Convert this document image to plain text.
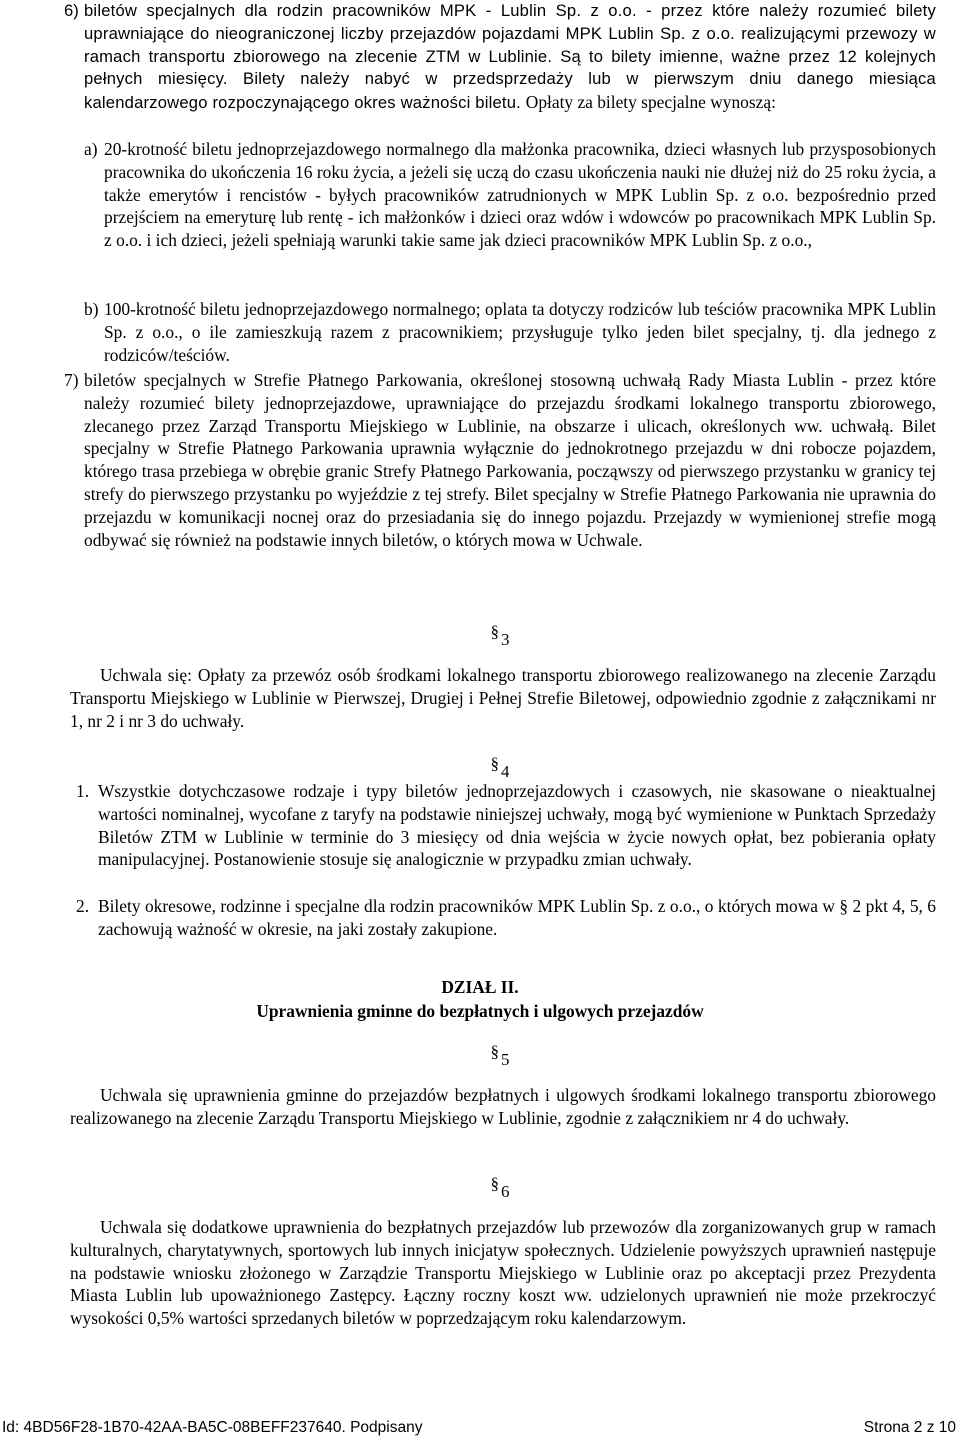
6) biletów specjalnych dla rodzin pracowników MPK - Lublin Sp. z o.o. - przez które należy rozumieć bilety uprawniające do nieograniczonej liczby przejazdów pojazdami MPK Lublin Sp. z o.o. realizującymi przewozy w ramach transportu zbiorowego na zlecenie ZTM w Lublinie. Są to bilety imienne, ważne przez 12 kolejnych pełnych miesięcy. Bilety należy nabyć w przedsprzedaży lub w pierwszym dniu danego miesiąca kalendarzowego rozpoczynającego okres ważności biletu. Opłaty za bilety specjalne wynoszą:

a) 20-krotność biletu jednoprzejazdowego normalnego dla małżonka pracownika, dzieci własnych lub przysposobionych pracownika do ukończenia 16 roku życia, a jeżeli się uczą do czasu ukończenia nauki nie dłużej niż do 25 roku życia, a także emerytów i rencistów - byłych pracowników zatrudnionych w MPK Lublin Sp. z o.o. bezpośrednio przed przejściem na emeryturę lub rentę - ich małżonków i dzieci oraz wdów i wdowców po pracownikach MPK Lublin Sp. z o.o. i ich dzieci, jeżeli spełniają warunki takie same jak dzieci pracowników MPK Lublin Sp. z o.o.,

b) 100-krotność biletu jednoprzejazdowego normalnego; oplata ta dotyczy rodziców lub teściów pracownika MPK Lublin Sp. z o.o., o ile zamieszkują razem z pracownikiem; przysługuje tylko jeden bilet specjalny, tj. dla jednego z rodziców/teściów.

7) biletów specjalnych w Strefie Płatnego Parkowania, określonej stosowną uchwałą Rady Miasta Lublin - przez które należy rozumieć bilety jednoprzejazdowe, uprawniające do przejazdu środkami lokalnego transportu zbiorowego, zlecanego przez Zarząd Transportu Miejskiego w Lublinie, na obszarze i ulicach, określonych ww. uchwałą. Bilet specjalny w Strefie Płatnego Parkowania uprawnia wyłącznie do jednokrotnego przejazdu w dni robocze pojazdem, którego trasa przebiega w obrębie granic Strefy Płatnego Parkowania, począwszy od pierwszego przystanku w granicy tej strefy do pierwszego przystanku po wyjeździe z tej strefy. Bilet specjalny w Strefie Płatnego Parkowania nie uprawnia do przejazdu w komunikacji nocnej oraz do przesiadania się do innego pojazdu. Przejazdy w wymienionej strefie mogą odbywać się również na podstawie innych biletów, o których mowa w Uchwale.

§ 3

Uchwala się: Opłaty za przewóz osób środkami lokalnego transportu zbiorowego realizowanego na zlecenie Zarządu Transportu Miejskiego w Lublinie w Pierwszej, Drugiej i Pełnej Strefie Biletowej, odpowiednio zgodnie z załącznikami nr 1, nr 2 i nr 3 do uchwały.

§ 4
1. Wszystkie dotychczasowe rodzaje i typy biletów jednoprzejazdowych i czasowych, nie skasowane o nieaktualnej wartości nominalnej, wycofane z taryfy na podstawie niniejszej uchwały, mogą być wymienione w Punktach Sprzedaży Biletów ZTM w Lublinie w terminie do 3 miesięcy od dnia wejścia w życie nowych opłat, bez pobierania opłaty manipulacyjnej. Postanowienie stosuje się analogicznie w przypadku zmian uchwały.

2. Bilety okresowe, rodzinne i specjalne dla rodzin pracowników MPK Lublin Sp. z o.o., o których mowa w § 2 pkt 4, 5, 6 zachowują ważność w okresie, na jaki zostały zakupione.

DZIAŁ II.
Uprawnienia gminne do bezpłatnych i ulgowych przejazdów
§ 5

Uchwala się uprawnienia gminne do przejazdów bezpłatnych i ulgowych środkami lokalnego transportu zbiorowego realizowanego na zlecenie Zarządu Transportu Miejskiego w Lublinie, zgodnie z załącznikiem nr 4 do uchwały.

§ 6

Uchwala się dodatkowe uprawnienia do bezpłatnych przejazdów lub przewozów dla zorganizowanych grup w ramach kulturalnych, charytatywnych, sportowych lub innych inicjatyw społecznych. Udzielenie powyższych uprawnień następuje na podstawie wniosku złożonego w Zarządzie Transportu Miejskiego w Lublinie oraz po akceptacji przez Prezydenta Miasta Lublin lub upoważnionego Zastępcy. Łączny roczny koszt ww. udzielonych uprawnień nie może przekroczyć wysokości 0,5% wartości sprzedanych biletów w poprzedzającym roku kalendarzowym.

Id: 4BD56F28-1B70-42AA-BA5C-08BEFF237640. Podpisany	Strona 2 z 10
